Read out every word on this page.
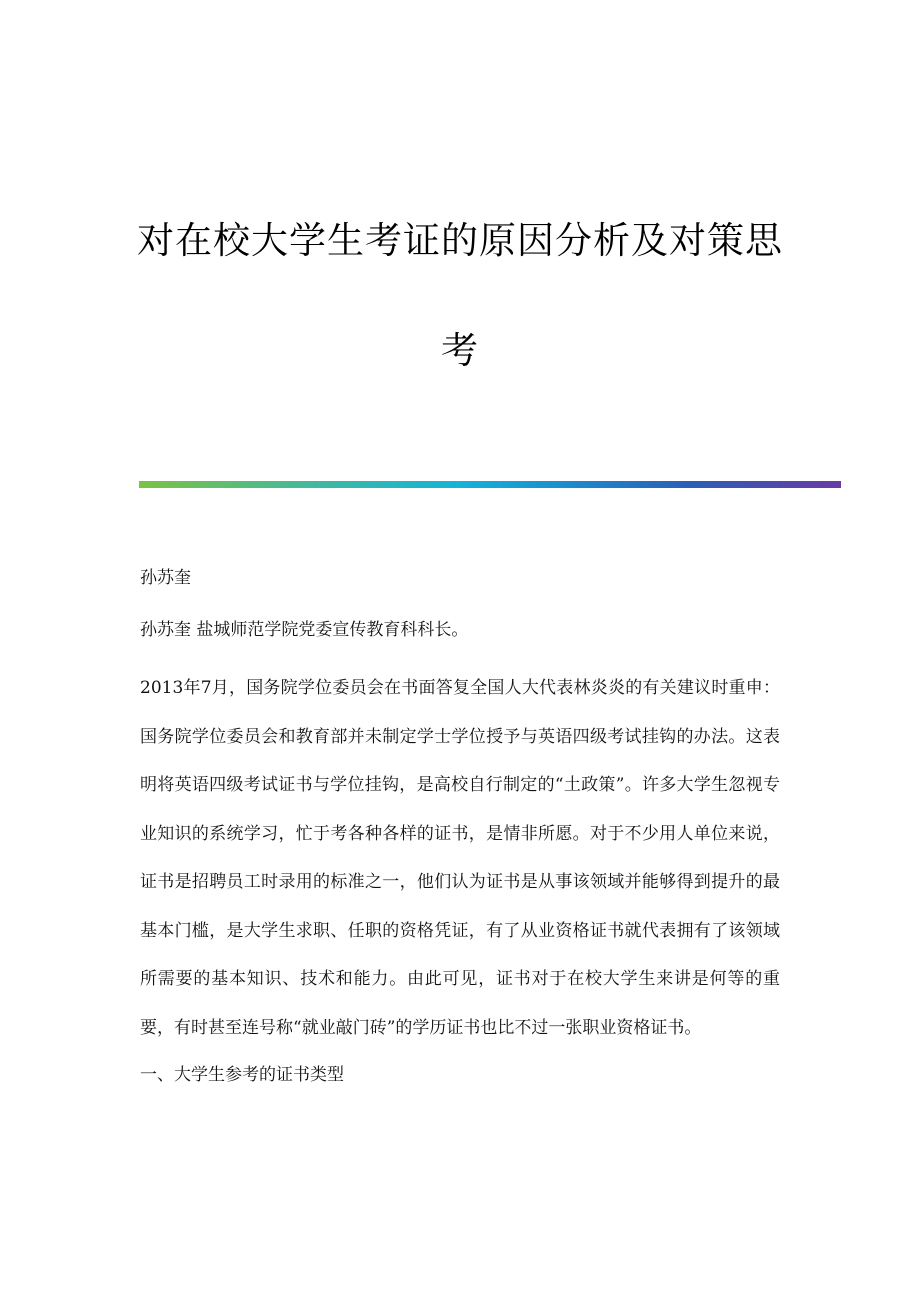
对在校大学生考证的原因分析及对策思考

孙苏奎

孙苏奎 盐城师范学院党委宣传教育科科长。

2013年7月，国务院学位委员会在书面答复全国人大代表林炎炎的有关建议时重申：国务院学位委员会和教育部并未制定学士学位授予与英语四级考试挂钩的办法。这表明将英语四级考试证书与学位挂钩，是高校自行制定的“土政策”。许多大学生忽视专业知识的系统学习，忙于考各种各样的证书，是情非所愿。对于不少用人单位来说，证书是招聘员工时录用的标准之一，他们认为证书是从事该领域并能够得到提升的最基本门槛，是大学生求职、任职的资格凭证，有了从业资格证书就代表拥有了该领域所需要的基本知识、技术和能力。由此可见，证书对于在校大学生来讲是何等的重要，有时甚至连号称“就业敲门砖”的学历证书也比不过一张职业资格证书。

一、大学生参考的证书类型
